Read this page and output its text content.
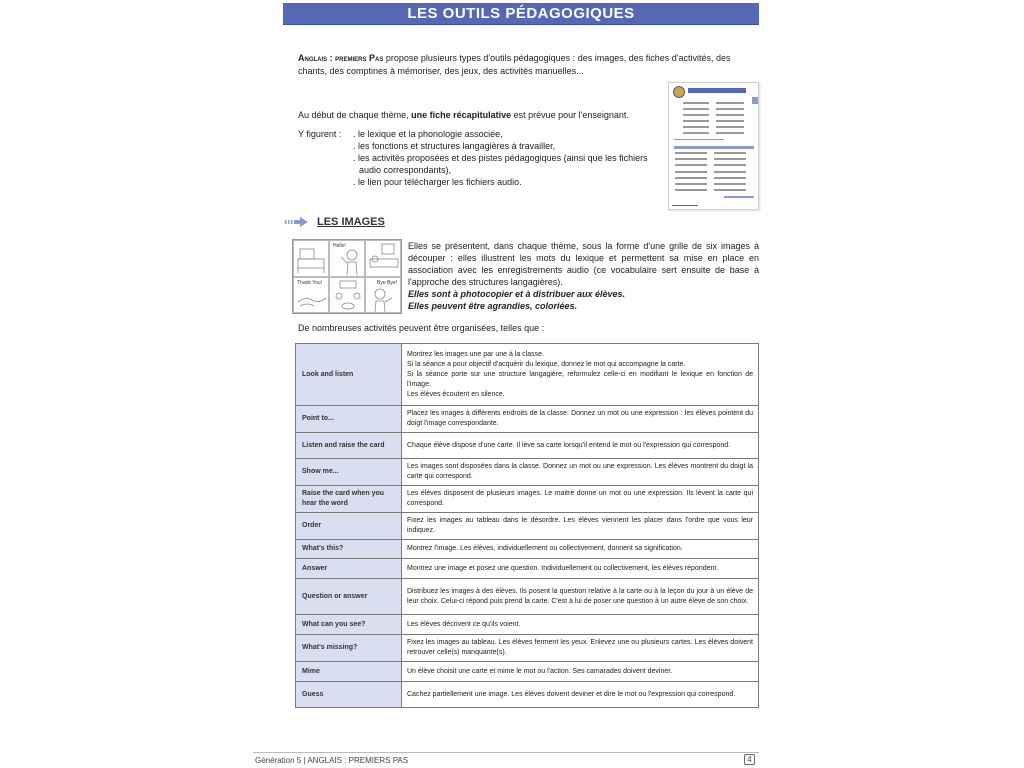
LES OUTILS PÉDAGOGIQUES
Anglais : premiers Pas propose plusieurs types d'outils pédagogiques : des images, des fiches d'activités, des chants, des comptines à mémoriser, des jeux, des activités manuelles...
Au début de chaque thème, une fiche récapitulative est prévue pour l'enseignant.
Y figurent : . le lexique et la phonologie associée,
. les fonctions et structures langagières à travailler,
. les activités proposées et des pistes pédagogiques (ainsi que les fichiers audio correspondants),
. le lien pour télécharger les fichiers audio.
LES IMAGES
Hello!
Thank You!	Bye Bye!
Elles se présentent, dans chaque thème, sous la forme d'une grille de six images à découper : elles illustrent les mots du lexique et permettent sa mise en place en association avec les enregistrements audio (ce vocabulaire sert ensuite de base à l'approche des structures langagières).
Elles sont à photocopier et à distribuer aux élèves.
Elles peuvent être agrandies, coloriées.
De nombreuses activités peuvent être organisées, telles que :
Look and listen	Montrez les images une par une à la classe.
Si la séance a pour objectif d'acquérir du lexique, donnez le mot qui accompagne la carte.
Si la séance porte sur une structure langagière, reformulez celle-ci en modifiant le lexique en fonction de l'image.
Les élèves écoutent en silence.

Point to...	Placez les images à différents endroits de la classe. Donnez un mot ou une expression : les élèves pointent du doigt l'image correspondante.

Listen and raise the card	Chaque élève dispose d'une carte. Il lève sa carte lorsqu'il entend le mot ou l'expression qui correspond.

Show me...	Les images sont disposées dans la classe. Donnez un mot ou une expression. Les élèves montrent du doigt la carte qui correspond.

Raise the card when you hear the word	Les élèves disposent de plusieurs images. Le maitre donne un mot ou une expression. Ils lèvent la carte qui correspond.

Order	Fixez les images au tableau dans le désordre. Les élèves viennent les placer dans l'ordre que vous leur indiquez.

What's this?	Montrez l'image. Les élèves, individuellement ou collectivement, donnent sa signification.

Answer	Montrez une image et posez une question. Individuellement ou collectivement, les élèves répondent.

Question or answer	Distribuez les images à des élèves. Ils posent la question relative à la carte ou à la leçon du jour à un élève de leur choix. Celui-ci répond puis prend la carte. C'est à lui de poser une question à un autre élève de son choix.

What can you see?	Les élèves décrivent ce qu'ils voient.

What's missing?	Fixez les images au tableau. Les élèves ferment les yeux. Enlevez une ou plusieurs cartes. Les élèves doivent retrouver celle(s) manquante(s).

Mime	Un élève choisit une carte et mime le mot ou l'action. Ses camarades doivent deviner.

Guess	Cachez partiellement une image. Les élèves doivent deviner et dire le mot ou l'expression qui correspond.
Génération 5 | ANGLAIS : PREMIERS PAS	4
